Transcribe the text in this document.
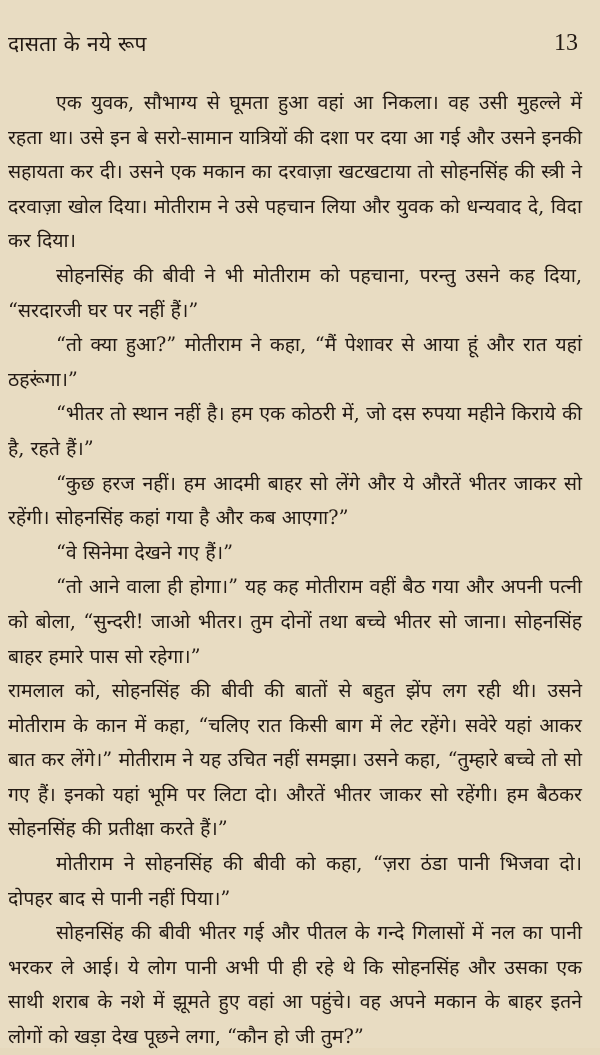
दासता के नये रूप	13

एक युवक, सौभाग्य से घूमता हुआ वहां आ निकला। वह उसी मुहल्ले में रहता था। उसे इन बे सरो-सामान यात्रियों की दशा पर दया आ गई और उसने इनकी सहायता कर दी। उसने एक मकान का दरवाज़ा खटखटाया तो सोहनसिंह की स्त्री ने दरवाज़ा खोल दिया। मोतीराम ने उसे पहचान लिया और युवक को धन्यवाद दे, विदा कर दिया।

सोहनसिंह की बीवी ने भी मोतीराम को पहचाना, परन्तु उसने कह दिया, “सरदारजी घर पर नहीं हैं।”

“तो क्या हुआ?” मोतीराम ने कहा, “मैं पेशावर से आया हूं और रात यहां ठहरूंगा।”

“भीतर तो स्थान नहीं है। हम एक कोठरी में, जो दस रुपया महीने किराये की है, रहते हैं।”

“कुछ हरज नहीं। हम आदमी बाहर सो लेंगे और ये औरतें भीतर जाकर सो रहेंगी। सोहनसिंह कहां गया है और कब आएगा?”

“वे सिनेमा देखने गए हैं।”

“तो आने वाला ही होगा।” यह कह मोतीराम वहीं बैठ गया और अपनी पत्नी को बोला, “सुन्दरी! जाओ भीतर। तुम दोनों तथा बच्चे भीतर सो जाना। सोहनसिंह बाहर हमारे पास सो रहेगा।”

रामलाल को, सोहनसिंह की बीवी की बातों से बहुत झेंप लग रही थी। उसने मोतीराम के कान में कहा, “चलिए रात किसी बाग में लेट रहेंगे। सवेरे यहां आकर बात कर लेंगे।” मोतीराम ने यह उचित नहीं समझा। उसने कहा, “तुम्हारे बच्चे तो सो गए हैं। इनको यहां भूमि पर लिटा दो। औरतें भीतर जाकर सो रहेंगी। हम बैठकर सोहनसिंह की प्रतीक्षा करते हैं।”

मोतीराम ने सोहनसिंह की बीवी को कहा, “ज़रा ठंडा पानी भिजवा दो। दोपहर बाद से पानी नहीं पिया।”

सोहनसिंह की बीवी भीतर गई और पीतल के गन्दे गिलासों में नल का पानी भरकर ले आई। ये लोग पानी अभी पी ही रहे थे कि सोहनसिंह और उसका एक साथी शराब के नशे में झूमते हुए वहां आ पहुंचे। वह अपने मकान के बाहर इतने लोगों को खड़ा देख पूछने लगा, “कौन हो जी तुम?”
